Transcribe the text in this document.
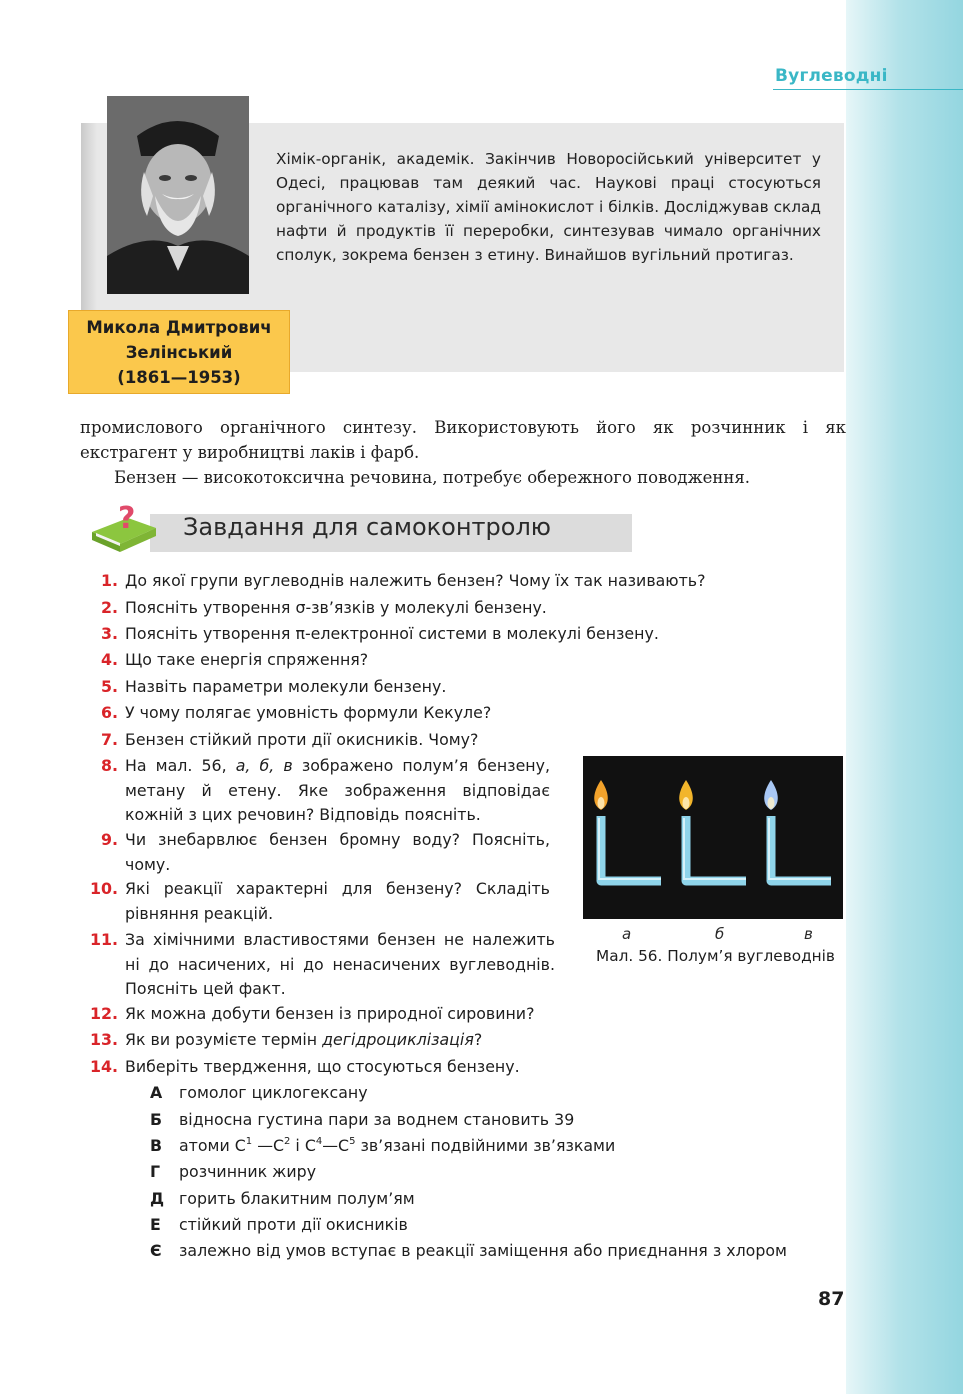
Вуглеводні
Хімік-органік, академік. Закінчив Новоросійський університет у Одесі, працював там деякий час. Наукові праці стосуються органічного каталізу, хімії амінокислот і білків. Досліджував склад нафти й продуктів її переробки, синтезував чимало органічних сполук, зокрема бензен з етину. Винайшов вугільний протигаз.
Микола Дмитрович
Зелінський
(1861—1953)
промислового органічного синтезу. Використовують його як розчинник і як екстрагент у виробництві лаків і фарб.
Бензен — високотоксична речовина, потребує обережного поводження.
? Завдання для самоконтролю
1. До якої групи вуглеводнів належить бензен? Чому їх так називають?
2. Поясніть утворення σ-зв’язків у молекулі бензену.
3. Поясніть утворення π-електронної системи в молекулі бензену.
4. Що таке енергія спряження?
5. Назвіть параметри молекули бензену.
6. У чому полягає умовність формули Кекуле?
7. Бензен стійкий проти дії окисників. Чому?
8. На мал. 56, а, б, в зображено полум’я бензену, метану й етену. Яке зображення відповідає кожній з цих речовин? Відповідь поясніть.
9. Чи знебарвлює бензен бромну воду? Поясніть, чому.
10. Які реакції характерні для бензену? Складіть рівняння реакцій.
11. За хімічними властивостями бензен не належить ні до насичених, ні до ненасичених вуглеводнів. Поясніть цей факт.
12. Як можна добути бензен із природної сировини?
13. Як ви розумієте термін дегідроциклізація?
14. Виберіть твердження, що стосуються бензену.
А	гомолог циклогексану
Б	відносна густина пари за воднем становить 39
В	атоми $C^1$ $—C^2$ і $C^4—C^5$ зв’язані подвійними зв’язками
Г	розчинник жиру
Д горить блакитним полум’ям
Е	стійкий проти дії окисників
Є	залежно від умов вступає в реакції заміщення або приєднання з хлором
а	б	в
Мал. 56. Полум’я вуглеводнів
87
